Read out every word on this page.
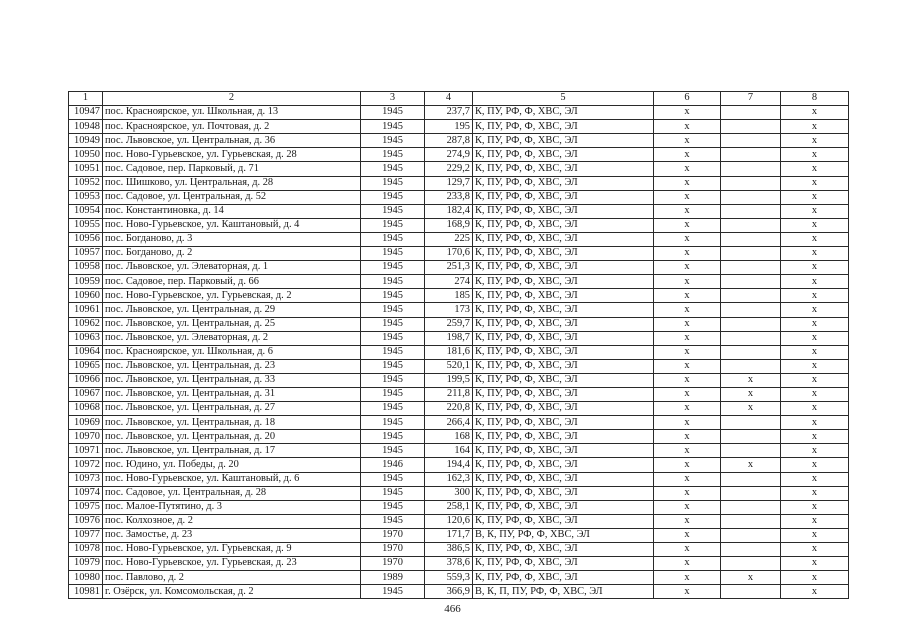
1	2	3	4	5	6	7	8
10947	пос. Красноярское, ул. Школьная, д. 13	1945	237,7	К, ПУ, РФ, Ф, ХВС, ЭЛ	х		х
10948	пос. Красноярское, ул. Почтовая, д. 2	1945	195	К, ПУ, РФ, Ф, ХВС, ЭЛ	х		х
10949	пос. Львовское, ул. Центральная, д. 36	1945	287,8	К, ПУ, РФ, Ф, ХВС, ЭЛ	х		х
10950	пос. Ново-Гурьевское, ул. Гурьевская, д. 28	1945	274,9	К, ПУ, РФ, Ф, ХВС, ЭЛ	х		х
10951	пос. Садовое, пер. Парковый, д. 71	1945	229,2	К, ПУ, РФ, Ф, ХВС, ЭЛ	х		х
10952	пос. Шишково, ул. Центральная, д. 28	1945	129,7	К, ПУ, РФ, Ф, ХВС, ЭЛ	х		х
10953	пос. Садовое, ул. Центральная, д. 52	1945	233,8	К, ПУ, РФ, Ф, ХВС, ЭЛ	х		х
10954	пос. Константиновка, д. 14	1945	182,4	К, ПУ, РФ, Ф, ХВС, ЭЛ	х		х
10955	пос. Ново-Гурьевское, ул. Каштановый, д. 4	1945	168,9	К, ПУ, РФ, Ф, ХВС, ЭЛ	х		х
10956	пос. Богданово, д. 3	1945	225	К, ПУ, РФ, Ф, ХВС, ЭЛ	х		х
10957	пос. Богданово, д. 2	1945	170,6	К, ПУ, РФ, Ф, ХВС, ЭЛ	х		х
10958	пос. Львовское, ул. Элеваторная, д. 1	1945	251,3	К, ПУ, РФ, Ф, ХВС, ЭЛ	х		х
10959	пос. Садовое, пер. Парковый, д. 66	1945	274	К, ПУ, РФ, Ф, ХВС, ЭЛ	х		х
10960	пос. Ново-Гурьевское, ул. Гурьевская, д. 2	1945	185	К, ПУ, РФ, Ф, ХВС, ЭЛ	х		х
10961	пос. Львовское, ул. Центральная, д. 29	1945	173	К, ПУ, РФ, Ф, ХВС, ЭЛ	х		х
10962	пос. Львовское, ул. Центральная, д. 25	1945	259,7	К, ПУ, РФ, Ф, ХВС, ЭЛ	х		х
10963	пос. Львовское, ул. Элеваторная, д. 2	1945	198,7	К, ПУ, РФ, Ф, ХВС, ЭЛ	х		х
10964	пос. Красноярское, ул. Школьная, д. 6	1945	181,6	К, ПУ, РФ, Ф, ХВС, ЭЛ	х		х
10965	пос. Львовское, ул. Центральная, д. 23	1945	520,1	К, ПУ, РФ, Ф, ХВС, ЭЛ	х		х
10966	пос. Львовское, ул. Центральная, д. 33	1945	199,5	К, ПУ, РФ, Ф, ХВС, ЭЛ	х	х	х
10967	пос. Львовское, ул. Центральная, д. 31	1945	211,8	К, ПУ, РФ, Ф, ХВС, ЭЛ	х	х	х
10968	пос. Львовское, ул. Центральная, д. 27	1945	220,8	К, ПУ, РФ, Ф, ХВС, ЭЛ	х	х	х
10969	пос. Львовское, ул. Центральная, д. 18	1945	266,4	К, ПУ, РФ, Ф, ХВС, ЭЛ	х		х
10970	пос. Львовское, ул. Центральная, д. 20	1945	168	К, ПУ, РФ, Ф, ХВС, ЭЛ	х		х
10971	пос. Львовское, ул. Центральная, д. 17	1945	164	К, ПУ, РФ, Ф, ХВС, ЭЛ	х		х
10972	пос. Юдино, ул. Победы, д. 20	1946	194,4	К, ПУ, РФ, Ф, ХВС, ЭЛ	х	х	х
10973	пос. Ново-Гурьевское, ул. Каштановый, д. 6	1945	162,3	К, ПУ, РФ, Ф, ХВС, ЭЛ	х		х
10974	пос. Садовое, ул. Центральная, д. 28	1945	300	К, ПУ, РФ, Ф, ХВС, ЭЛ	х		х
10975	пос. Малое-Путятино, д. 3	1945	258,1	К, ПУ, РФ, Ф, ХВС, ЭЛ	х		х
10976	пос. Колхозное, д. 2	1945	120,6	К, ПУ, РФ, Ф, ХВС, ЭЛ	х		х
10977	пос. Замостье, д. 23	1970	171,7	В, К, ПУ, РФ, Ф, ХВС, ЭЛ	х		х
10978	пос. Ново-Гурьевское, ул. Гурьевская, д. 9	1970	386,5	К, ПУ, РФ, Ф, ХВС, ЭЛ	х		х
10979	пос. Ново-Гурьевское, ул. Гурьевская, д. 23	1970	378,6	К, ПУ, РФ, Ф, ХВС, ЭЛ	х		х
10980	пос. Павлово, д. 2	1989	559,3	К, ПУ, РФ, Ф, ХВС, ЭЛ	х	х	х
10981	г. Озёрск, ул. Комсомольская, д. 2	1945	366,9	В, К, П, ПУ, РФ, Ф, ХВС, ЭЛ	х		х
466
